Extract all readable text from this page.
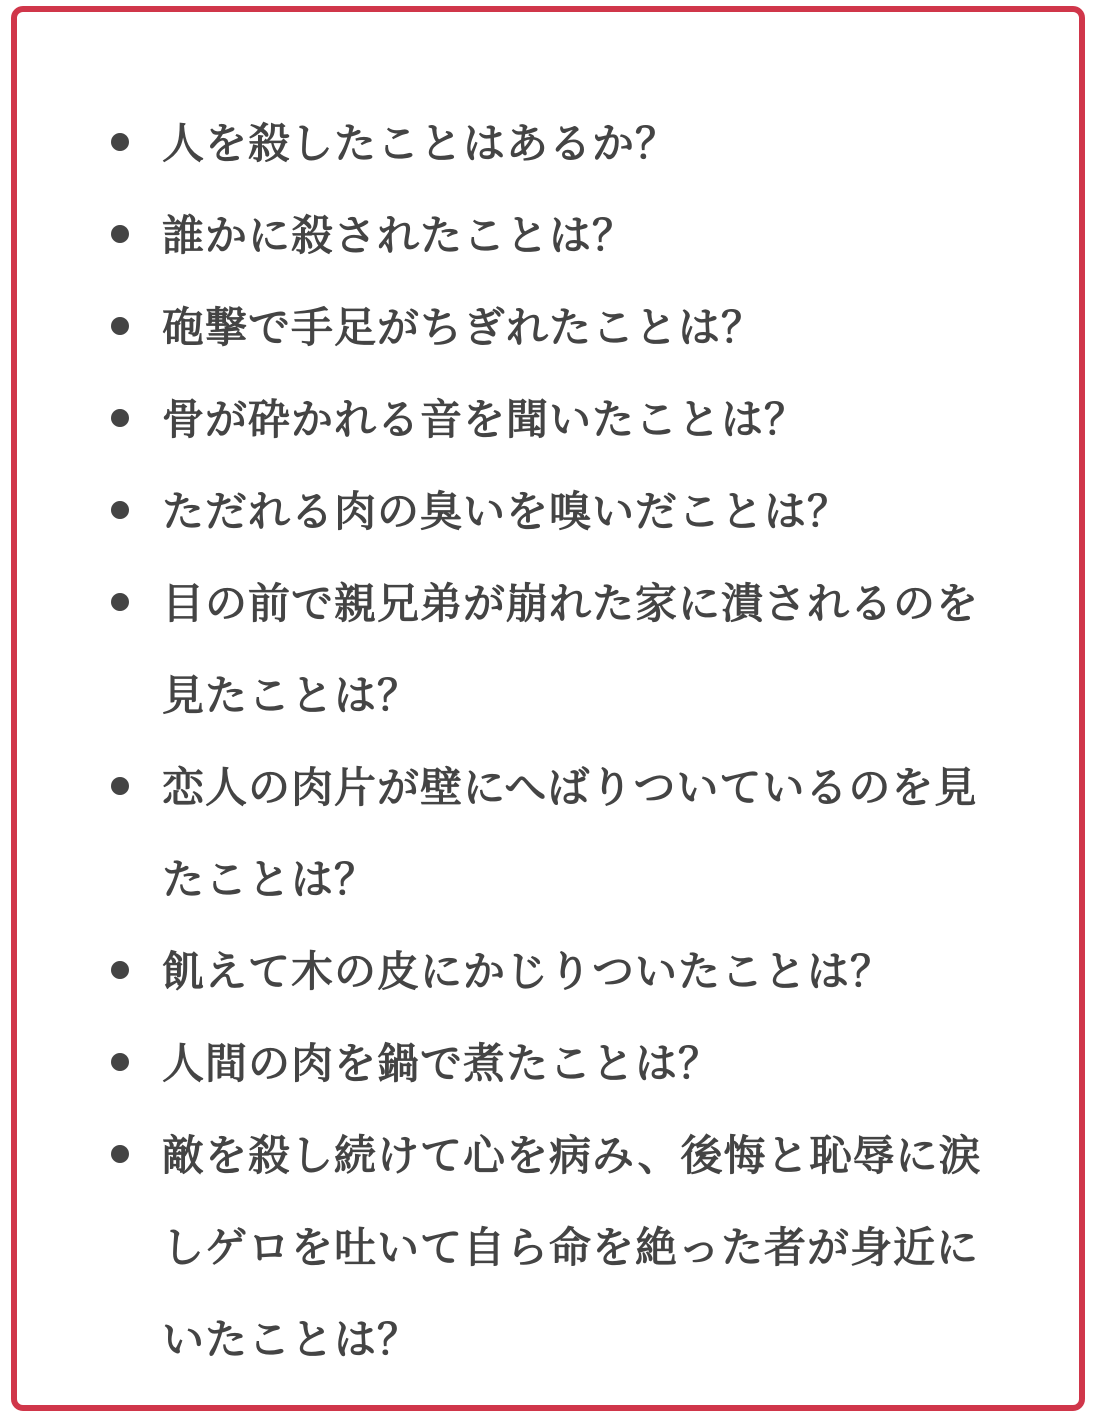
人を殺したことはあるか？
誰かに殺されたことは？
砲撃で手足がちぎれたことは？
骨が砕かれる音を聞いたことは？
ただれる肉の臭いを嗅いだことは？
目の前で親兄弟が崩れた家に潰されるのを見たことは？
恋人の肉片が壁にへばりついているのを見たことは？
飢えて木の皮にかじりついたことは？
人間の肉を鍋で煮たことは？
敵を殺し続けて心を病み、後悔と恥辱に涙しゲロを吐いて自ら命を絶った者が身近にいたことは？
